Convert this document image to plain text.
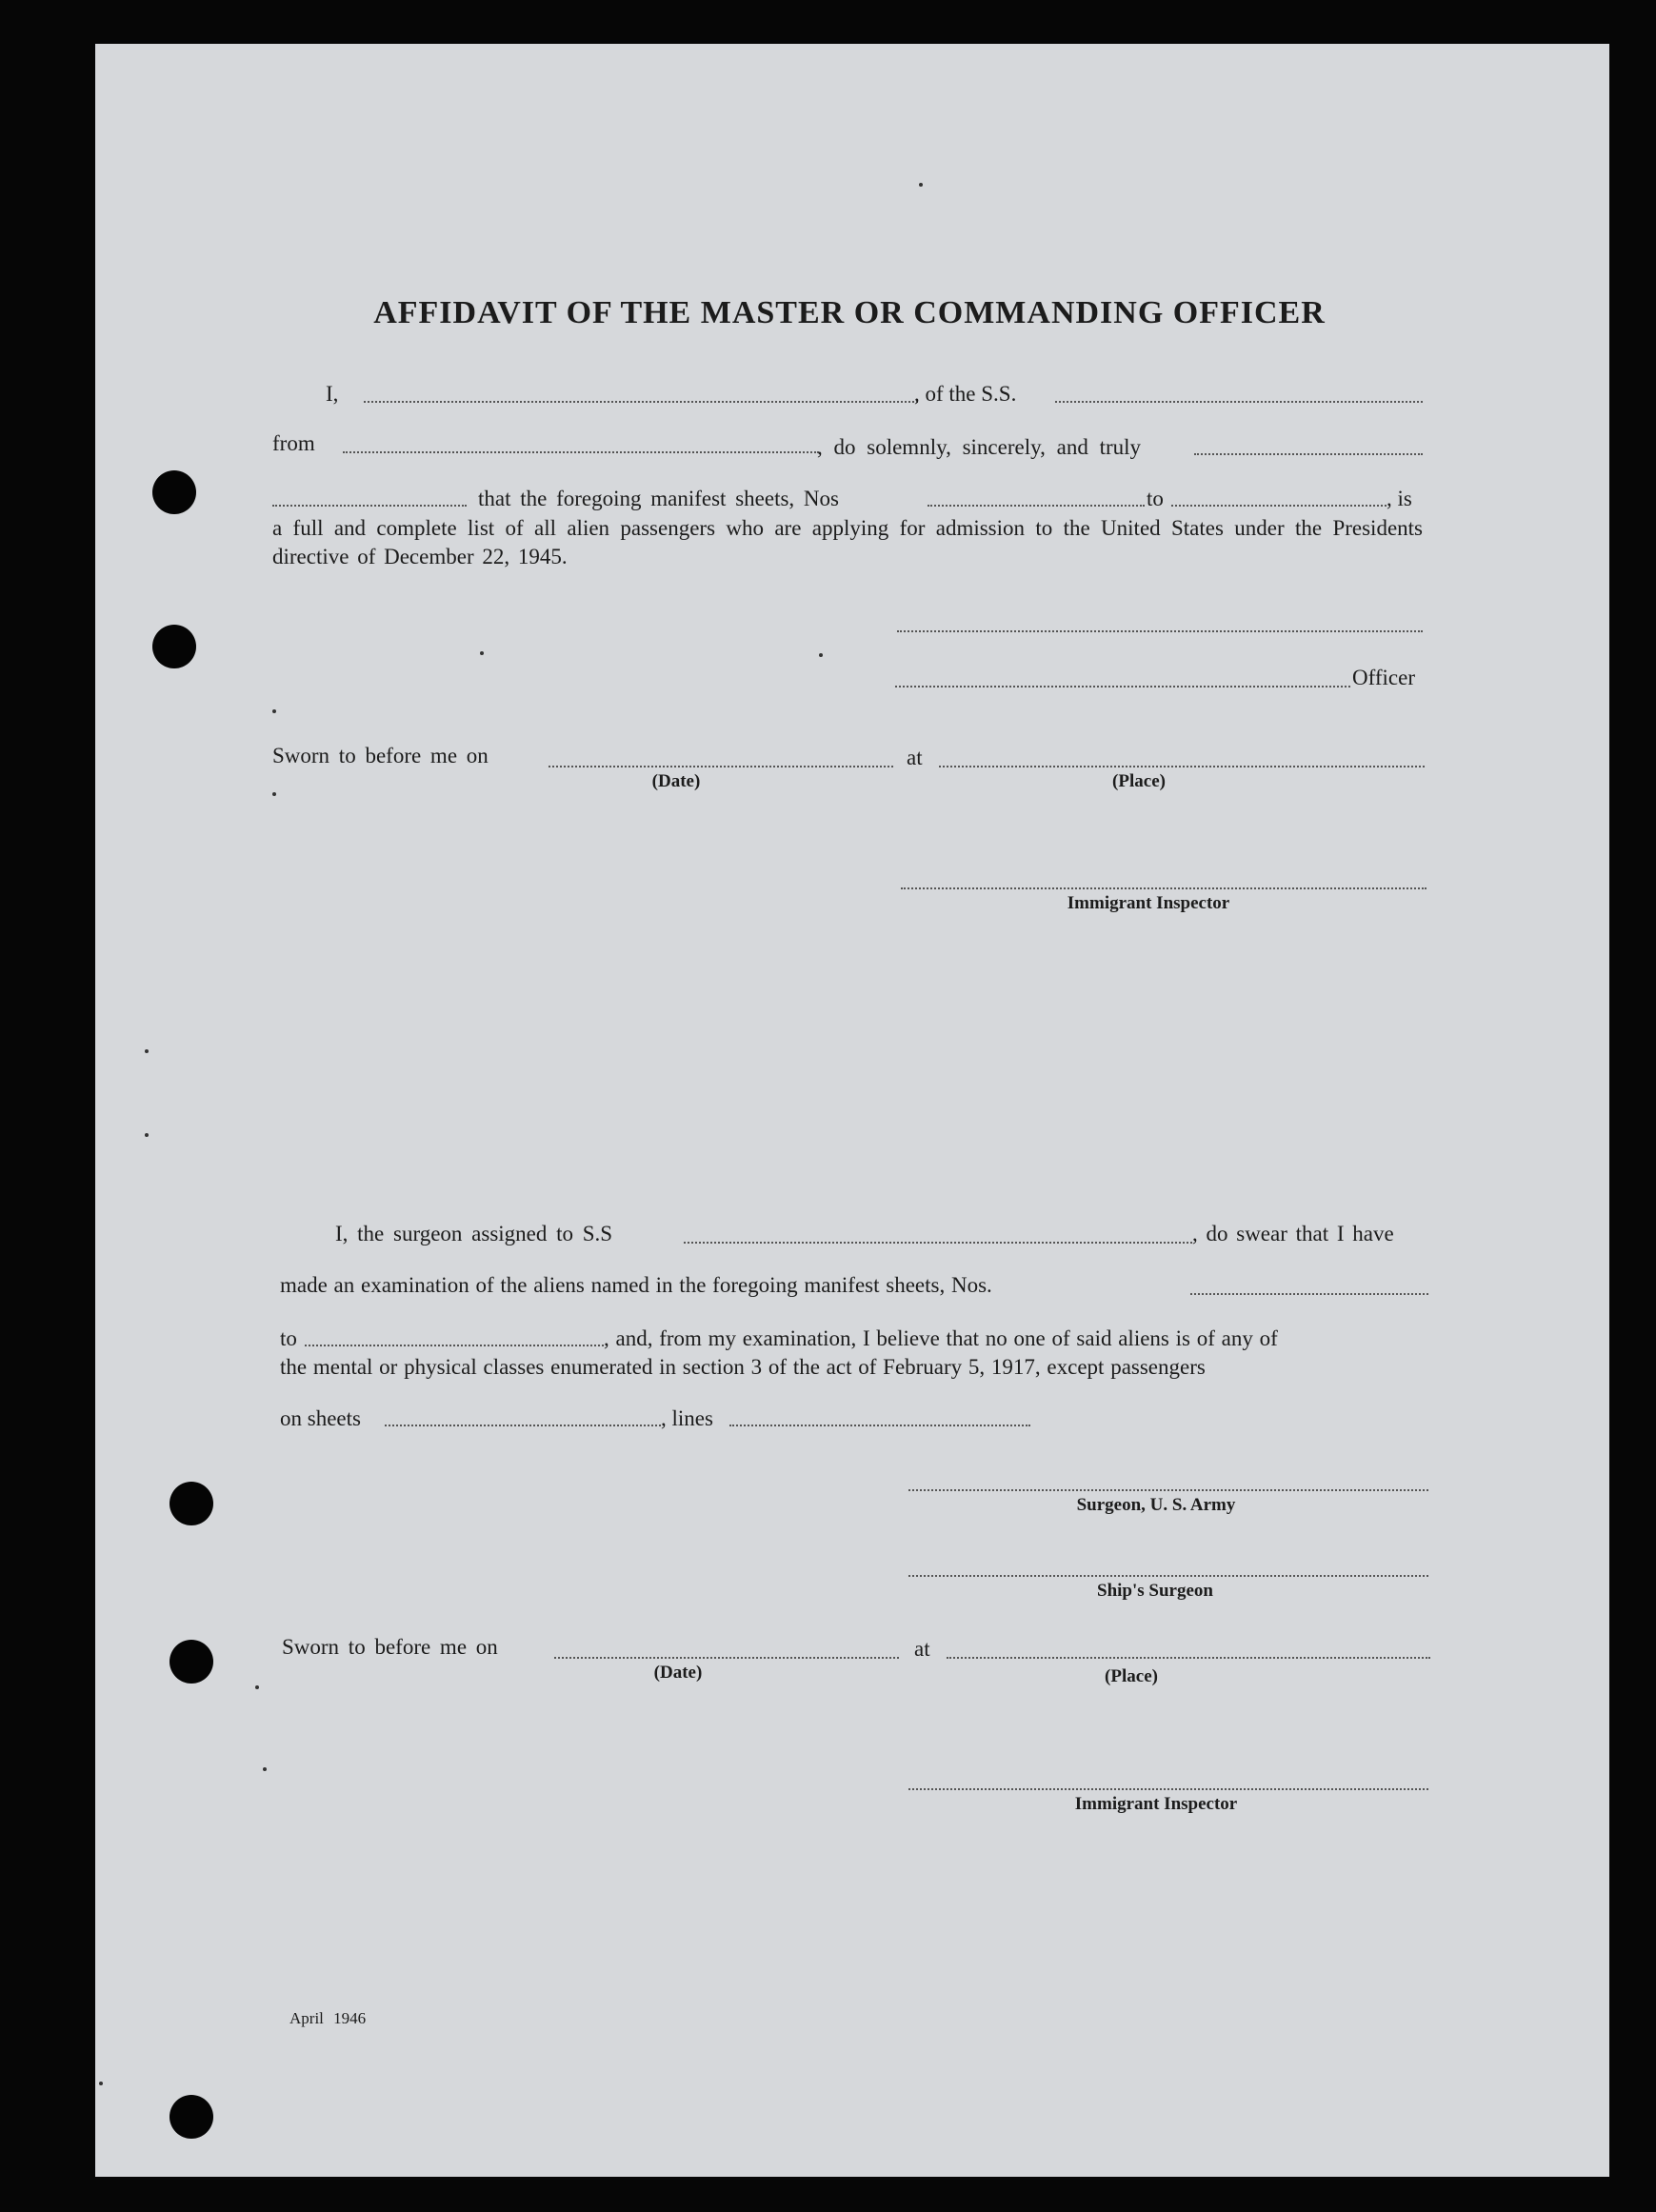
AFFIDAVIT OF THE MASTER OR COMMANDING OFFICER
I,	, of the S.S.
from	, do solemnly, sincerely, and truly
that the foregoing manifest sheets, Nos	to	, is
a full and complete list of all alien passengers who are applying for admission to the United States under the Presidents directive of December 22, 1945.
Officer
Sworn to before me on	at
(Date)	(Place)
Immigrant Inspector
I, the surgeon assigned to S.S	, do swear that I have
made an examination of the aliens named in the foregoing manifest sheets, Nos.
to	, and, from my examination, I believe that no one of said aliens is of any of
the mental or physical classes enumerated in section 3 of the act of February 5, 1917, except passengers
on sheets	, lines
Surgeon, U. S. Army
Ship's Surgeon
Sworn to before me on	at
(Date)	(Place)
Immigrant Inspector
April 1946
